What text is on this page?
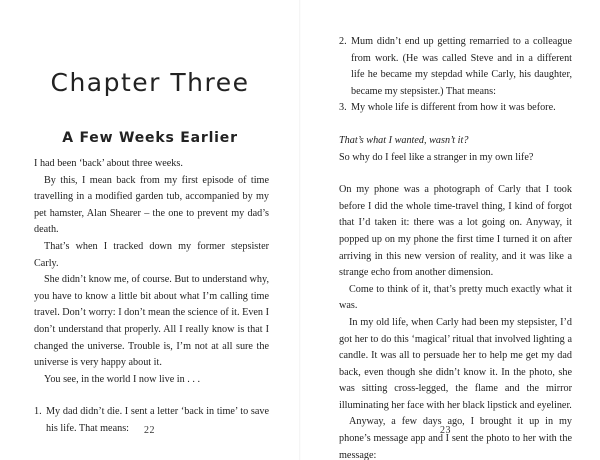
Chapter Three
A Few Weeks Earlier

I had been ‘back’ about three weeks.

By this, I mean back from my first episode of time travelling in a modified garden tub, accompanied by my pet hamster, Alan Shearer – the one to prevent my dad’s death.

That’s when I tracked down my former stepsister Carly.

She didn’t know me, of course. But to understand why, you have to know a little bit about what I’m calling time travel. Don’t worry: I don’t mean the science of it. Even I don’t understand that properly. All I really know is that I changed the universe. Trouble is, I’m not at all sure the universe is very happy about it.

You see, in the world I now live in . . .

1. My dad didn’t die. I sent a letter ‘back in time’ to save his life. That means:	22
2. Mum didn’t end up getting remarried to a colleague from work. (He was called Steve and in a different life he became my stepdad while Carly, his daughter, became my stepsister.) That means:
3. My whole life is different from how it was before.

That’s what I wanted, wasn’t it?

So why do I feel like a stranger in my own life?

On my phone was a photograph of Carly that I took before I did the whole time-travel thing, I kind of forgot that I’d taken it: there was a lot going on. Anyway, it popped up on my phone the first time I turned it on after arriving in this new version of reality, and it was like a strange echo from another dimension.

Come to think of it, that’s pretty much exactly what it was.

In my old life, when Carly had been my stepsister, I’d got her to do this ‘magical’ ritual that involved lighting a candle. It was all to persuade her to help me get my dad back, even though she didn’t know it. In the photo, she was sitting cross-legged, the flame and the mirror illuminating her face with her black lipstick and eyeliner.

Anyway, a few days ago, I brought it up in my phone’s message app and I sent the photo to her with the message:

23
